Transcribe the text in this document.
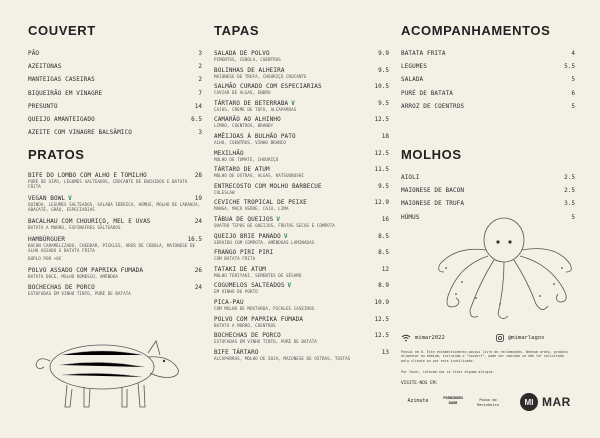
COUVERT
PÃO	3
AZEITONAS	2
MANTEIGAS CASEIRAS	2
BIQUEIRÃO EM VINAGRE	7
PRESUNTO	14
QUEIJO AMANTEIGADO	6.5
AZEITE COM VINAGRE BALSÂMICO	3
PRATOS
BIFE DO LOMBO COM ALHO E TOMILHO	28
PURÉ DE AIPO, LEGUMES SALTEADOS, CROCANTE DE ENCHIDOS E BATATA FRITA
VEGAN BOWL V	19
QUINOA, LEGUMES SALTEADOS, SALADA IBÉRICA, HÚMUS, MOLHO DE LARANJA, ABACATE, GRÃO, ESPECIARIAS
BACALHAU COM CHOURIÇO, MEL E UVAS	24
BATATA A MURRO, ESPINAFRES SALTEADOS
HAMBÚRGUER	16.5
BACON CARAMELIZADO, CHEDDAR, PICKLES, AROS DE CEBOLA, MAIONESE DE ALHO ASSADO E BATATA FRITA
DUPLO POR +6€
POLVO ASSADO COM PAPRIKA FUMADA	26
BATATA DOCE, MOLHO ROMESCO, AMÊNDOA
BOCHECHAS DE PORCO	24
ESTUFADAS EM VINHO TINTO, PURÉ DE BATATA
TAPAS
SALADA DE POLVO	9.9
PIMENTOS, CEBOLA, COENTROS
BOLINHAS DE ALHEIRA	9.5
MAIONESE DE TRUFA, CHOURIÇO CROCANTE
SALMÃO CURADO COM ESPECIARIAS	10.5
CAVIAR DE ALGAS, ENDRO
TÁRTARO DE BETERRABA V	9.5
CAJUS, CREME DE TOFU, ALCAPARRAS
CAMARÃO AO ALHINHO	12.5
LIMÃO, COENTROS, BRANDY
AMÊIJOAS À BULHÃO PATO	18
ALHO, COENTROS, VINHO BRANCO
MEXILHÃO	12.5
MOLHO DE TOMATE, CHOURIÇO
TÁRTARO DE ATUM	11.5
MOLHO DE OSTRAS, ALGAS, KATSUOBUSHI
ENTRECOSTO COM MOLHO BARBECUE	9.5
COLESLAW
CEVICHE TROPICAL DE PEIXE	12.9
MANGA, MAÇÃ VERDE, CAJU, LIMA
TÁBUA DE QUEIJOS V	16
QUATRO TIPOS DE QUEIJOS, FRUTOS SECOS E COMPOTA
QUEIJO BRIE PANADO V	8.5
SERVIDO COM COMPOTA, AMÊNDOAS LAMINADAS
FRANGO PIRI PIRI	8.5
COM BATATA FRITA
TATAKI DE ATUM	12
MOLHO TERIYAKI, SEMENTES DE SÉSAMO
COGUMELOS SALTEADOS V	8.9
EM VINHO DO PORTO
PICA-PAU	10.9
COM MOLHO DE MOSTARDA, PICKLES CASEIROS
POLVO COM PAPRIKA FUMADA	12.5
BATATA A MURRO, COENTROS
BOCHECHAS DE PORCO	12.5
ESTUFADAS EM VINHO TINTO, PURÉ DE BATATA
BIFE TÁRTARO	13
ALCAPARRAS, MOLHO DE SOJA, MAIONESE DE OSTRAS, TOSTAS
ACOMPANHAMENTOS
BATATA FRITA	4
LEGUMES	5.5
SALADA	5
PURÉ DE BATATA	6
ARROZ DE COENTROS	5
MOLHOS
AIOLI	2.5
MAIONESE DE BACON	2.5
MAIONESE DE TRUFA	3.5
HÚMUS	5
mimar2022	@mimarlagos
Possui em 0. Este estabelecimento possui livro de reclamações. Nenhum prato, produto alimentar ou bebida, incluindo o "couvert", pode ser cobrado se não for solicitado pelo cliente ou por este inutilizado.
Por favor, informe-nos se tiver alguma alergia.
VISITE-NOS EM:
Azimute	FORBIDDEN DOOR
Pouso do Marinheiro	MI MAR
